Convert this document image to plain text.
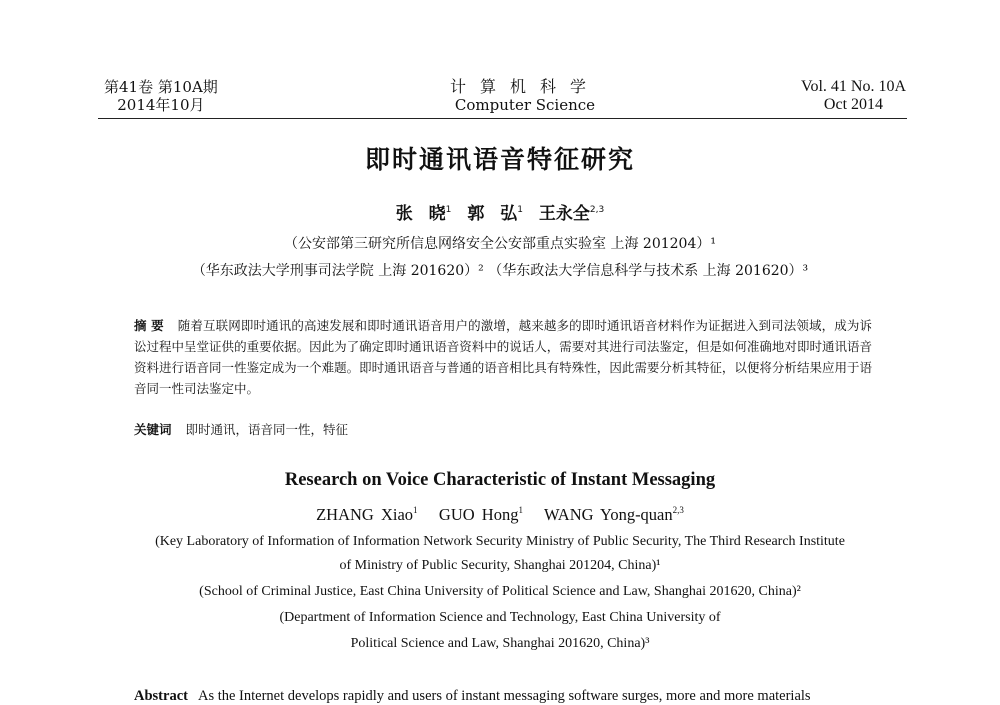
第41卷 第10A期
2014年10月
计算机科学
Computer Science
Vol. 41 No. 10A
Oct 2014
即时通讯语音特征研究
张 晓$^1$ 郭 弘$^1$ 王永全$^{2,3}$
（公安部第三研究所信息网络安全公安部重点实验室 上海 201204）¹
（华东政法大学刑事司法学院 上海 201620）² （华东政法大学信息科学与技术系 上海 201620）³
摘 要 随着互联网即时通讯的高速发展和即时通讯语音用户的激增，越来越多的即时通讯语音材料作为证据进入到司法领域，成为诉讼过程中呈堂证供的重要依据。因此为了确定即时通讯语音资料中的说话人，需要对其进行司法鉴定，但是如何准确地对即时通讯语音资料进行语音同一性鉴定成为一个难题。即时通讯语音与普通的语音相比具有特殊性，因此需要分析其特征，以便将分析结果应用于语音同一性司法鉴定中。
关键词 即时通讯，语音同一性，特征
Research on Voice Characteristic of Instant Messaging
ZHANG Xiao$^1$ GUO Hong$^1$ WANG Yong-quan$^{2,3}$
(Key Laboratory of Information of Information Network Security Ministry of Public Security, The Third Research Institute
of Ministry of Public Security, Shanghai 201204, China)¹
(School of Criminal Justice, East China University of Political Science and Law, Shanghai 201620, China)²
(Department of Information Science and Technology, East China University of
Political Science and Law, Shanghai 201620, China)³
Abstract As the Internet develops rapidly and users of instant messaging software surges, more and more materials
